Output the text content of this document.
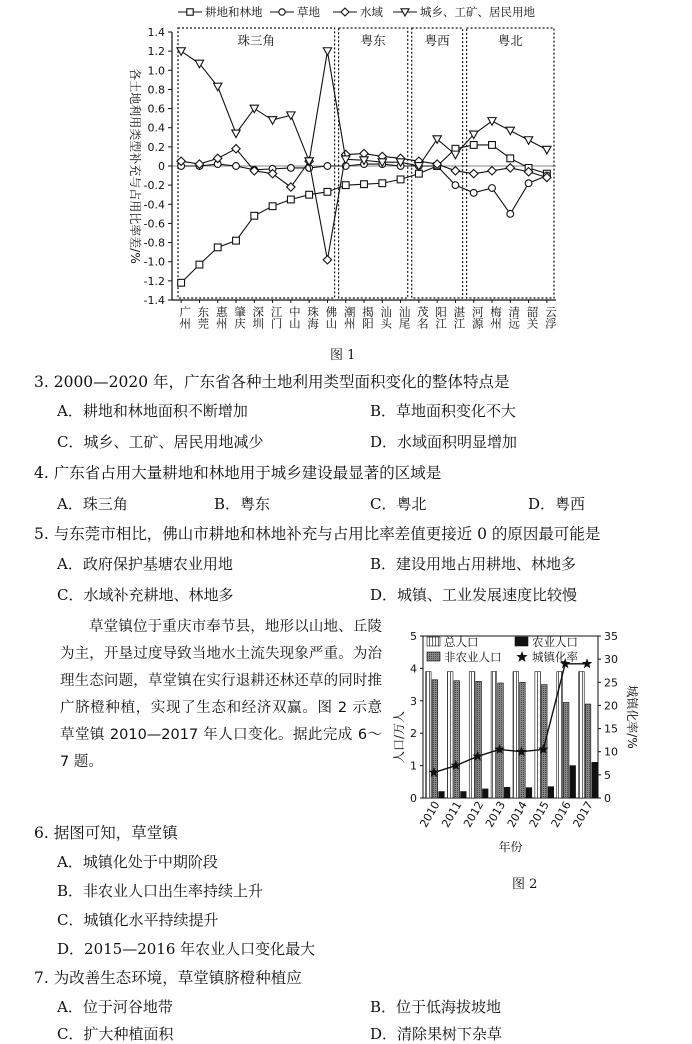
耕地和林地	草地	水域	城乡、工矿、居民用地
1.4
1.2
1.0
0.8
0.6
0.4
0.2
0
-0.2
-0.4
-0.6
-0.8
-1.0
-1.2
-1.4
各土地利用类型补充与占用比率差/%
珠三角	粤东	粤西	粤北
广州 东莞 惠州 肇庆 深圳 江门 中山 珠海 佛山 潮州 揭阳 汕头 汕尾 茂名 阳江 湛江 河源 梅州 清远 韶关 云浮
图 1
3. 2000—2020 年，广东省各种土地利用类型面积变化的整体特点是
A．耕地和林地面积不断增加	B．草地面积变化不大
C．城乡、工矿、居民用地减少	D．水域面积明显增加
4. 广东省占用大量耕地和林地用于城乡建设最显著的区域是
A．珠三角	B．粤东	C．粤北	D．粤西
5. 与东莞市相比，佛山市耕地和林地补充与占用比率差值更接近 0 的原因最可能是
A．政府保护基塘农业用地	B．建设用地占用耕地、林地多
C．水域补充耕地、林地多	D．城镇、工业发展速度比较慢
草堂镇位于重庆市奉节县，地形以山地、丘陵为主，开垦过度导致当地水土流失现象严重。为治理生态问题，草堂镇在实行退耕还林还草的同时推广脐橙种植，实现了生态和经济双赢。图 2 示意草堂镇 2010—2017 年人口变化。据此完成 6～7 题。
0
1
2
3
4
5
0
5
10
15
20
25
30
35
人口/万人	城镇化率/%
年份
2010
2011
2012
2013
2014
2015
2016
2017
总人口	农业人口
非农业人口	城镇化率
图 2
6. 据图可知，草堂镇
A．城镇化处于中期阶段
B．非农业人口出生率持续上升
C．城镇化水平持续提升
D．2015—2016 年农业人口变化最大
7. 为改善生态环境，草堂镇脐橙种植应
A．位于河谷地带	B．位于低海拔坡地
C．扩大种植面积	D．清除果树下杂草
